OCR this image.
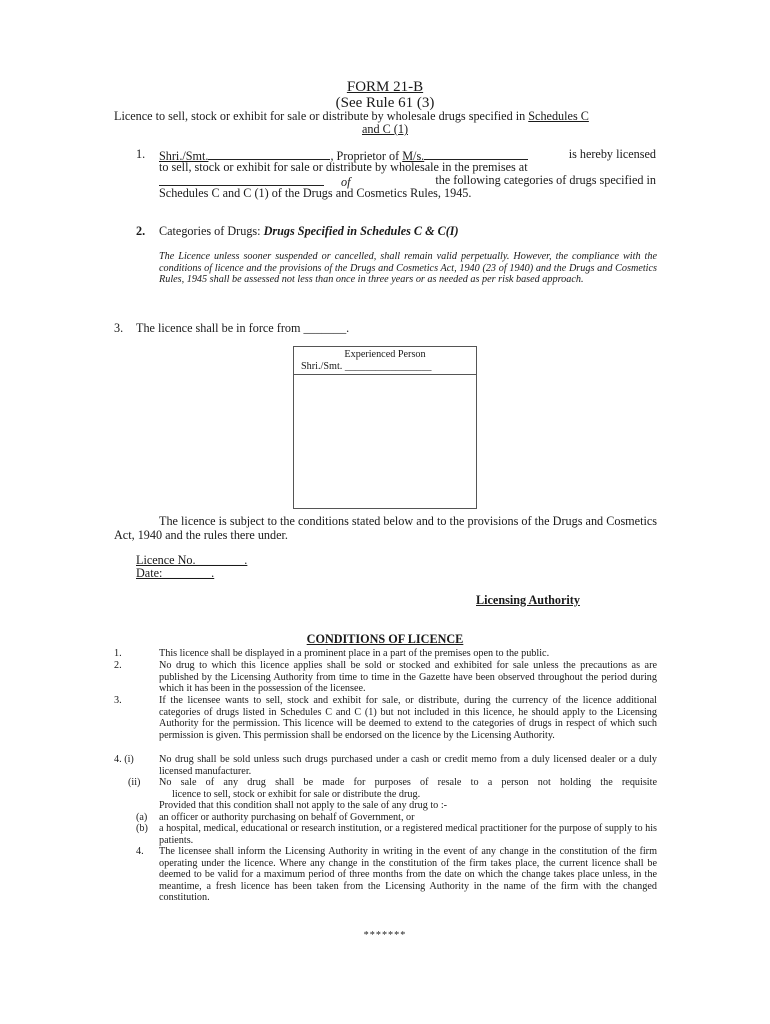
FORM 21-B
(See Rule 61 (3)
Licence to sell, stock or exhibit for sale or distribute by wholesale drugs specified in Schedules C
and C (1)
1. Shri./Smt.	, Proprietor of M/s.	is hereby licensed
to sell, stock or exhibit for sale or distribute by wholesale in the premises at
of	the following categories of drugs specified in
Schedules C and C (1) of the Drugs and Cosmetics Rules, 1945.
2. Categories of Drugs: Drugs Specified in Schedules C & C(I)
The Licence unless sooner suspended or cancelled, shall remain valid perpetually. However, the compliance with the conditions of licence and the provisions of the Drugs and Cosmetics Act, 1940 (23 of 1940) and the Drugs and Cosmetics Rules, 1945 shall be assessed not less than once in three years or as needed as per risk based approach.
3. The licence shall be in force from _______.
Experienced Person
Shri./Smt. _________________
The licence is subject to the conditions stated below and to the provisions of the Drugs and Cosmetics Act, 1940 and the rules there under.
Licence No.________.
Date:________.
Licensing Authority
CONDITIONS OF LICENCE
1.	This licence shall be displayed in a prominent place in a part of the premises open to the public.
2.	No drug to which this licence applies shall be sold or stocked and exhibited for sale unless the precautions as are published by the Licensing Authority from time to time in the Gazette have been observed throughout the period during which it has been in the possession of the licensee.
3.	If the licensee wants to sell, stock and exhibit for sale, or distribute, during the currency of the licence additional categories of drugs listed in Schedules C and C (1) but not included in this licence, he should apply to the Licensing Authority for the permission. This licence will be deemed to extend to the categories of drugs in respect of which such permission is given. This permission shall be endorsed on the licence by the Licensing Authority.
4. (i) No drug shall be sold unless such drugs purchased under a cash or credit memo from a duly licensed dealer or a duly licensed manufacturer.
(ii) No sale of any drug shall be made for purposes of resale to a person not holding the requisite
licence to sell, stock or exhibit for sale or distribute the drug.
Provided that this condition shall not apply to the sale of any drug to :-
(a) an officer or authority purchasing on behalf of Government, or
(b) a hospital, medical, educational or research institution, or a registered medical practitioner for the purpose of supply to his patients.
4. The licensee shall inform the Licensing Authority in writing in the event of any change in the constitution of the firm operating under the licence. Where any change in the constitution of the firm takes place, the current licence shall be deemed to be valid for a maximum period of three months from the date on which the change takes place unless, in the meantime, a fresh licence has been taken from the Licensing Authority in the name of the firm with the changed constitution.
*******
